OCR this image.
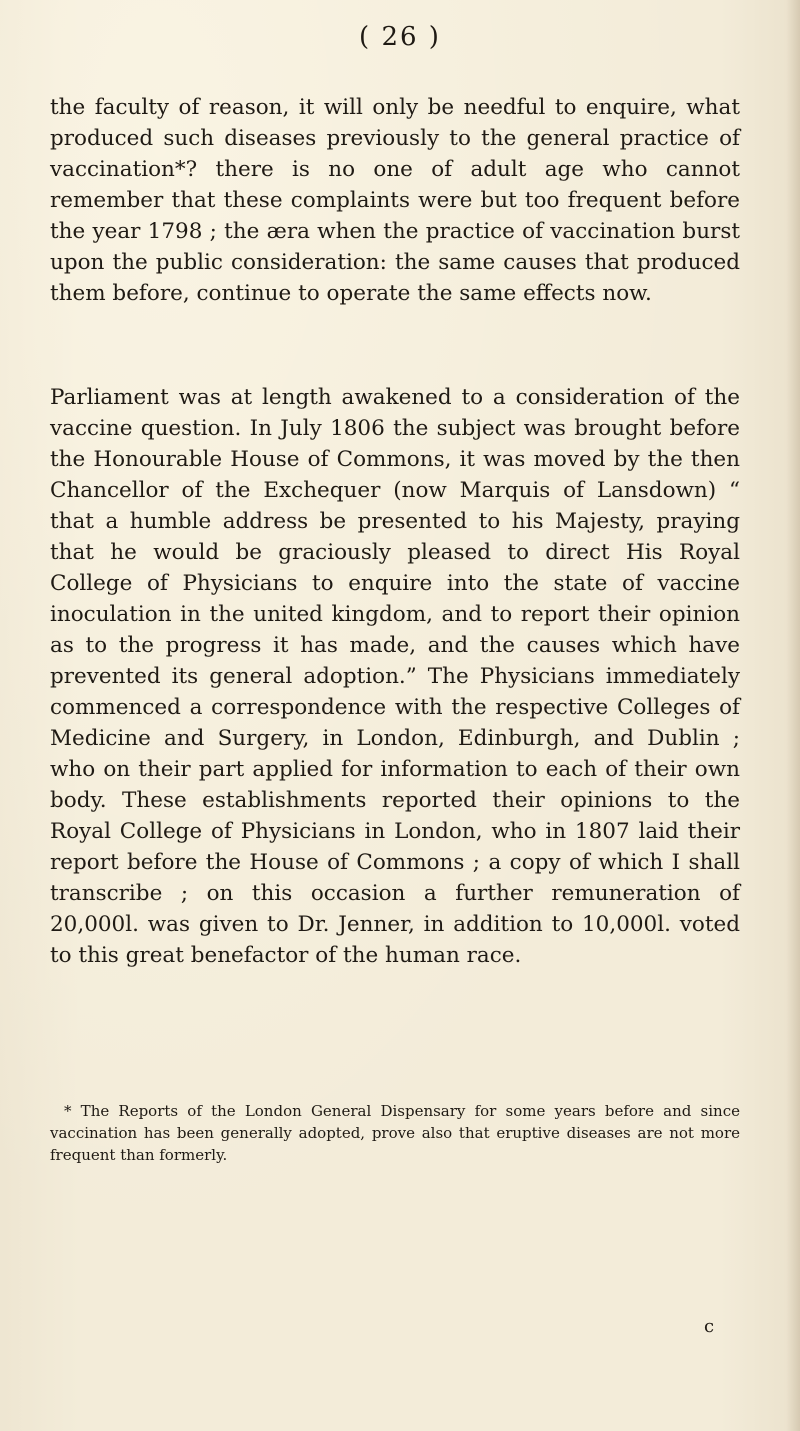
( 26 )
the faculty of reason, it will only be needful to enquire, what produced such diseases previously to the general practice of vaccination*? there is no one of adult age who cannot remember that these complaints were but too frequent before the year 1798 ; the æra when the practice of vaccination burst upon the public consideration: the same causes that produced them before, continue to operate the same effects now.
Parliament was at length awakened to a consideration of the vaccine question. In July 1806 the subject was brought before the Honourable House of Commons, it was moved by the then Chancellor of the Exchequer (now Marquis of Lansdown) “ that a humble address be presented to his Majesty, praying that he would be graciously pleased to direct His Royal College of Physicians to enquire into the state of vaccine inoculation in the united kingdom, and to report their opinion as to the progress it has made, and the causes which have prevented its general adoption.” The Physicians immediately commenced a correspondence with the respective Colleges of Medicine and Surgery, in London, Edinburgh, and Dublin ; who on their part applied for information to each of their own body. These establishments reported their opinions to the Royal College of Physicians in London, who in 1807 laid their report before the House of Commons ; a copy of which I shall transcribe ; on this occasion a further remuneration of 20,000l. was given to Dr. Jenner, in addition to 10,000l. voted to this great benefactor of the human race.
* The Reports of the London General Dispensary for some years before and since vaccination has been generally adopted, prove also that eruptive diseases are not more frequent than formerly.
c
